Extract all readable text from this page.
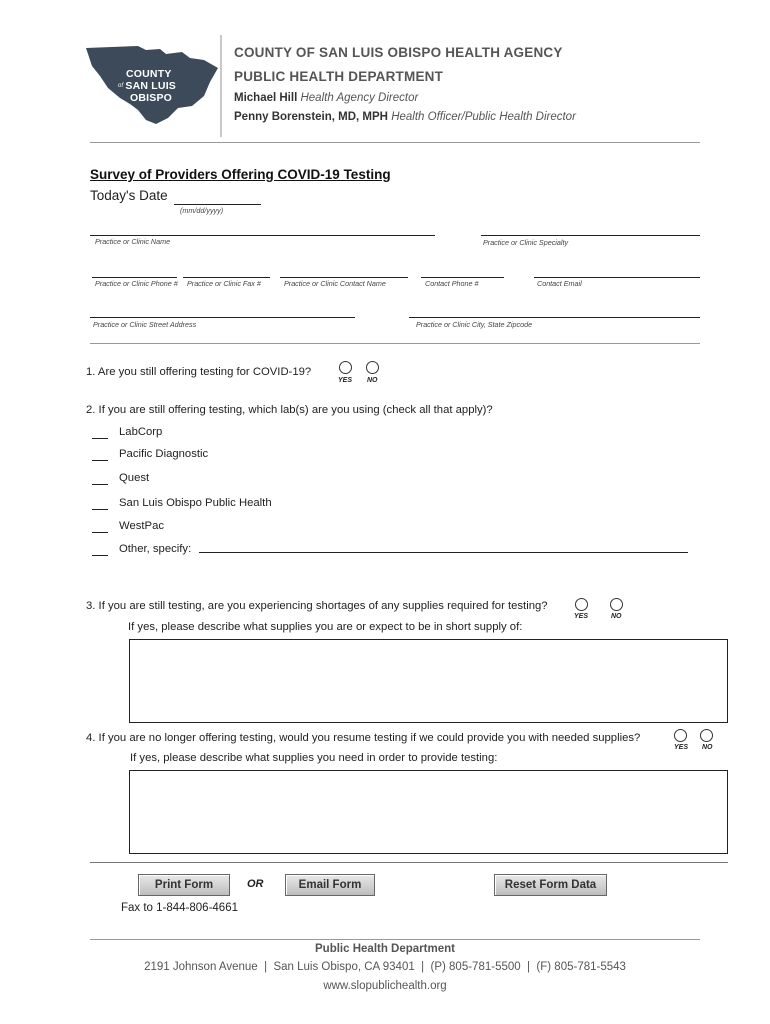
COUNTY
of SAN LUIS
OBISPO
COUNTY OF SAN LUIS OBISPO HEALTH AGENCY
PUBLIC HEALTH DEPARTMENT
Michael Hill Health Agency Director
Penny Borenstein, MD, MPH Health Officer/Public Health Director
Survey of Providers Offering COVID-19 Testing
Today's Date
(mm/dd/yyyy)
Practice or Clinic Name	Practice or Clinic Specialty
Practice or Clinic Phone # Practice or Clinic Fax #	Practice or Clinic Contact Name	Contact Phone #	Contact Email
Practice or Clinic Street Address	Practice or Clinic City, State Zipcode
1. Are you still offering testing for COVID-19?
YES NO
2. If you are still offering testing, which lab(s) are you using (check all that apply)?
LabCorp
Pacific Diagnostic
Quest
San Luis Obispo Public Health
WestPac
Other, specify:
3. If you are still testing, are you experiencing shortages of any supplies required for testing?
YES	NO
If yes, please describe what supplies you are or expect to be in short supply of:
4. If you are no longer offering testing, would you resume testing if we could provide you with needed supplies?
YES NO
If yes, please describe what supplies you need in order to provide testing:
Print Form	OR	Email Form	Reset Form Data
Fax to 1-844-806-4661
Public Health Department
2191 Johnson Avenue  |  San Luis Obispo, CA 93401  |  (P) 805-781-5500  |  (F) 805-781-5543
www.slopublichealth.org
